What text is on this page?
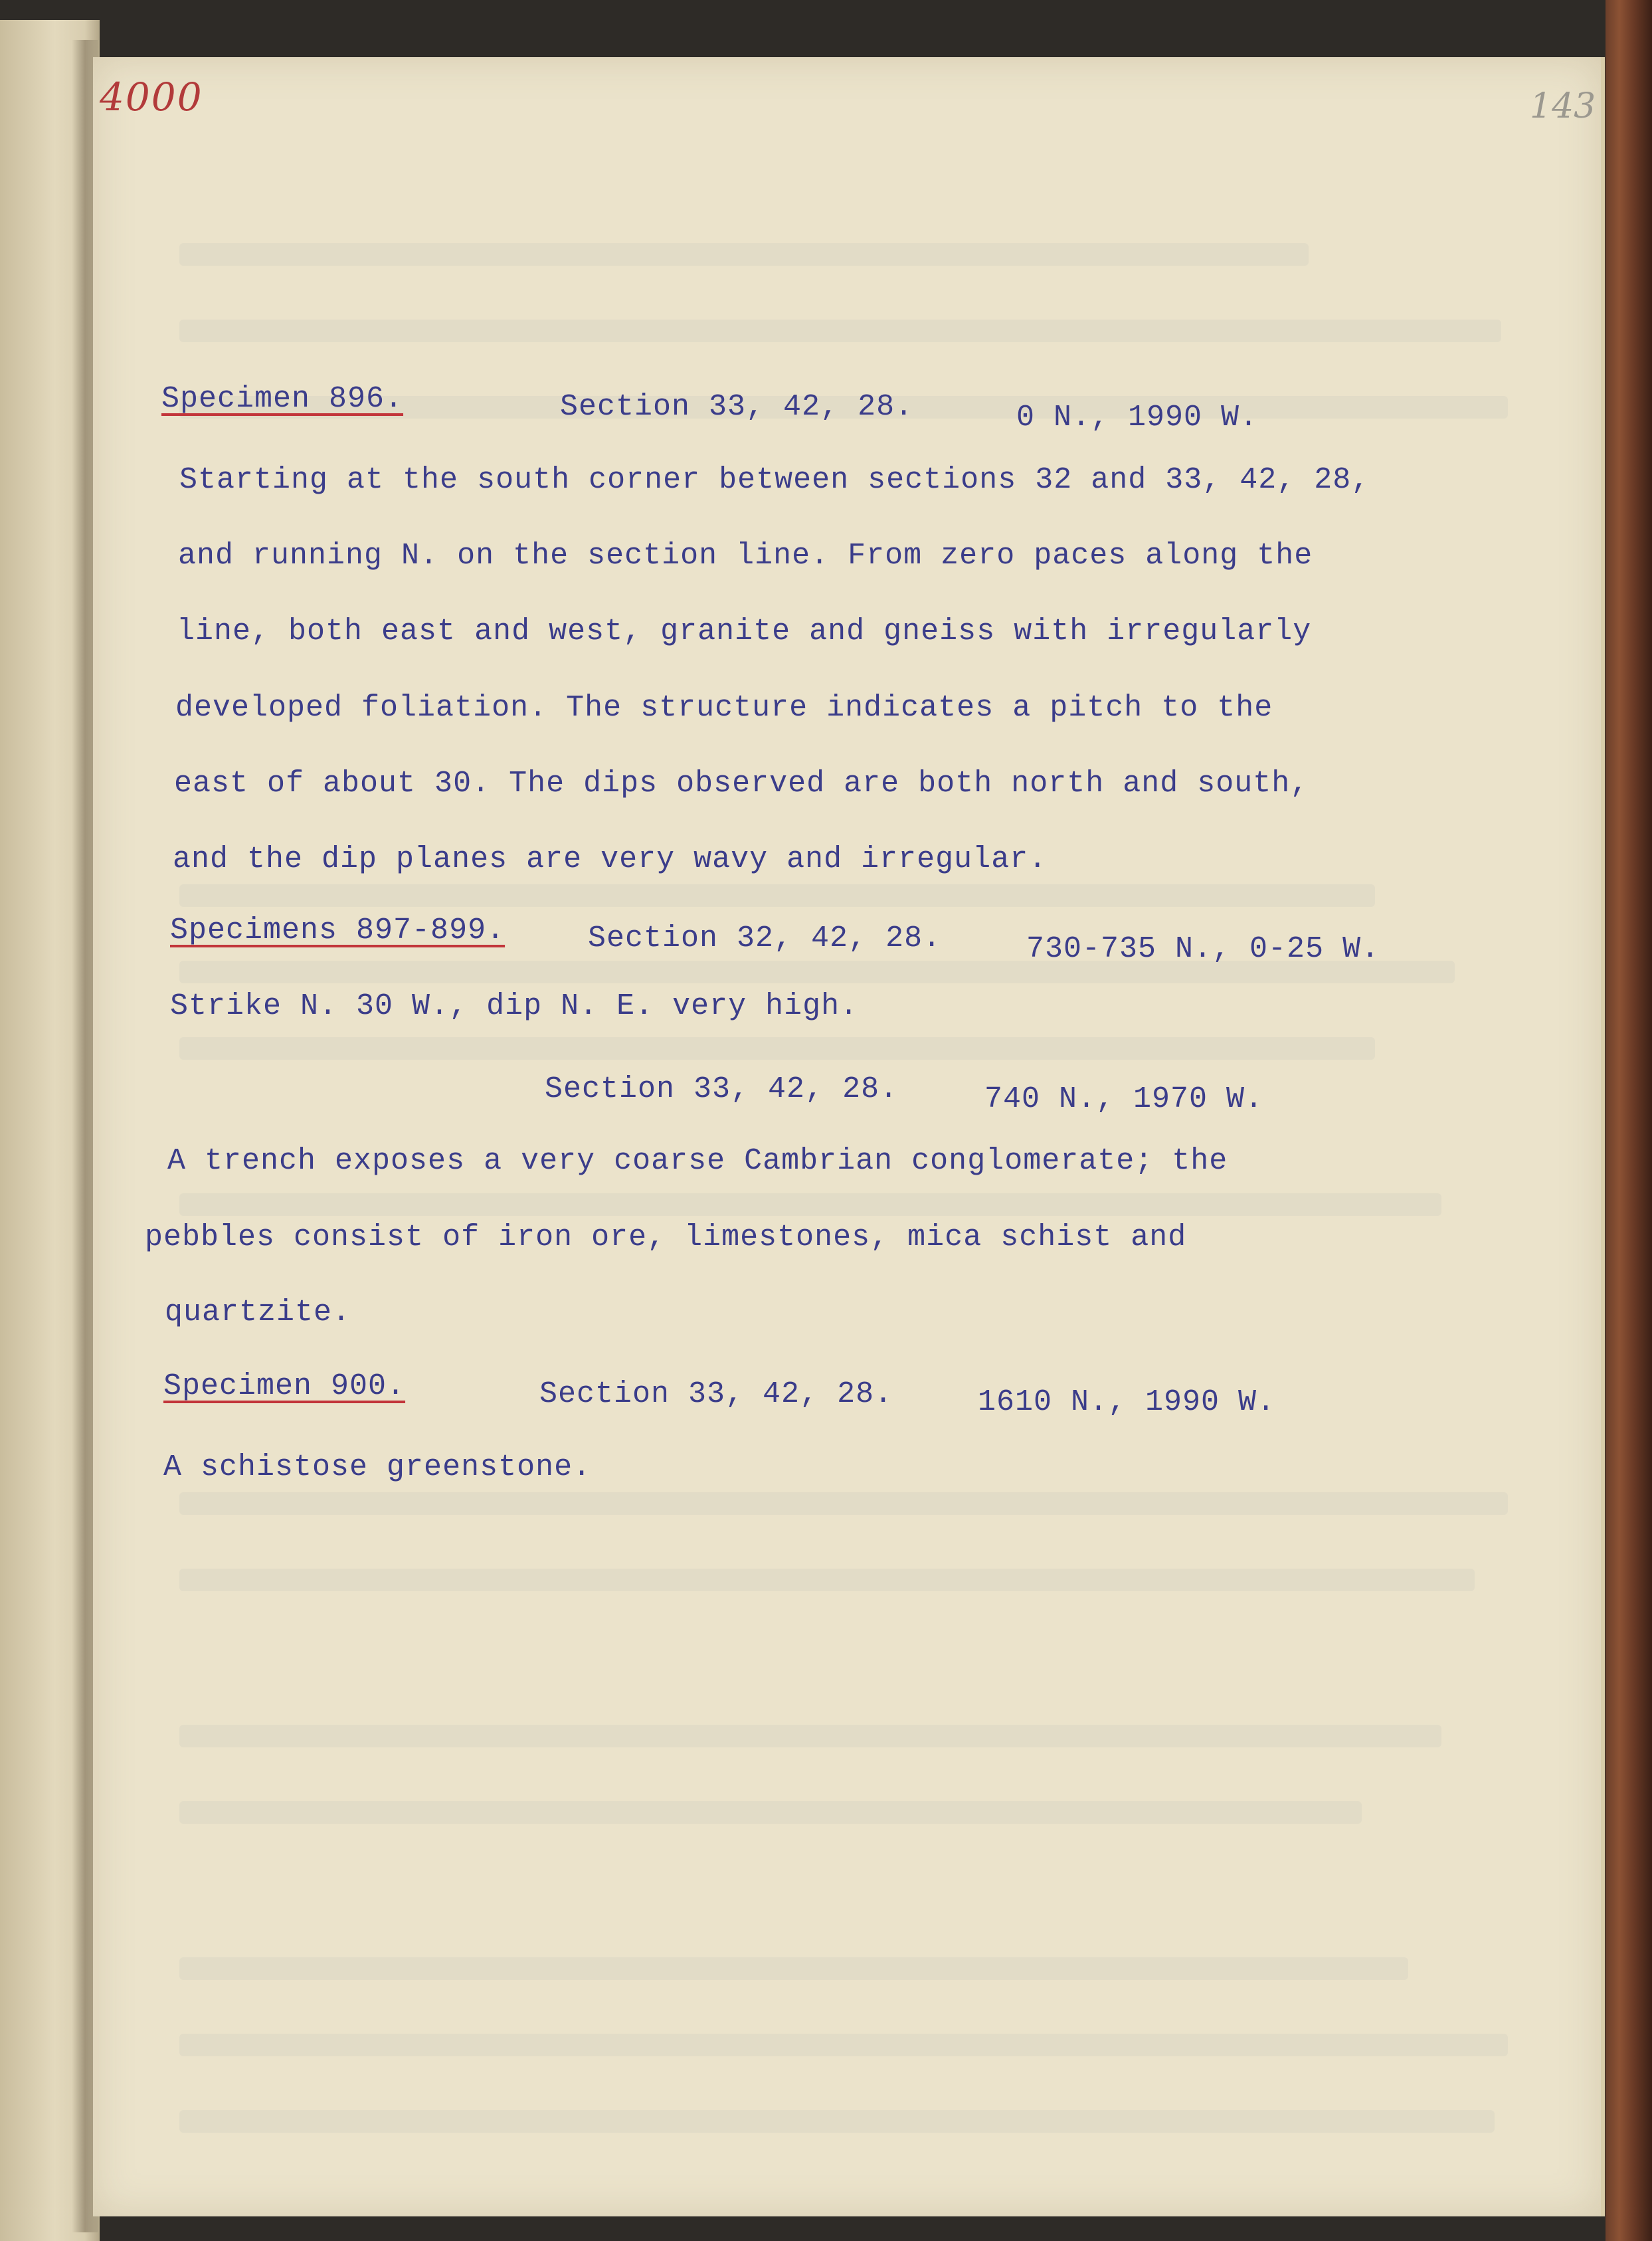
4000	143
Specimen 896.	Section 33, 42, 28.	0 N., 1990 W.
Starting at the south corner between sections 32 and 33, 42, 28,
and running N. on the section line. From zero paces along the
line, both east and west, granite and gneiss with irregularly
developed foliation. The structure indicates a pitch to the
east of about 30. The dips observed are both north and south,
and the dip planes are very wavy and irregular.
Specimens 897-899.	Section 32, 42, 28.	730-735 N., 0-25 W.
Strike N. 30 W., dip N. E. very high.
Section 33, 42, 28.	740 N., 1970 W.
A trench exposes a very coarse Cambrian conglomerate; the
pebbles consist of iron ore, limestones, mica schist and
quartzite.
Specimen 900.	Section 33, 42, 28.	1610 N., 1990 W.
A schistose greenstone.
